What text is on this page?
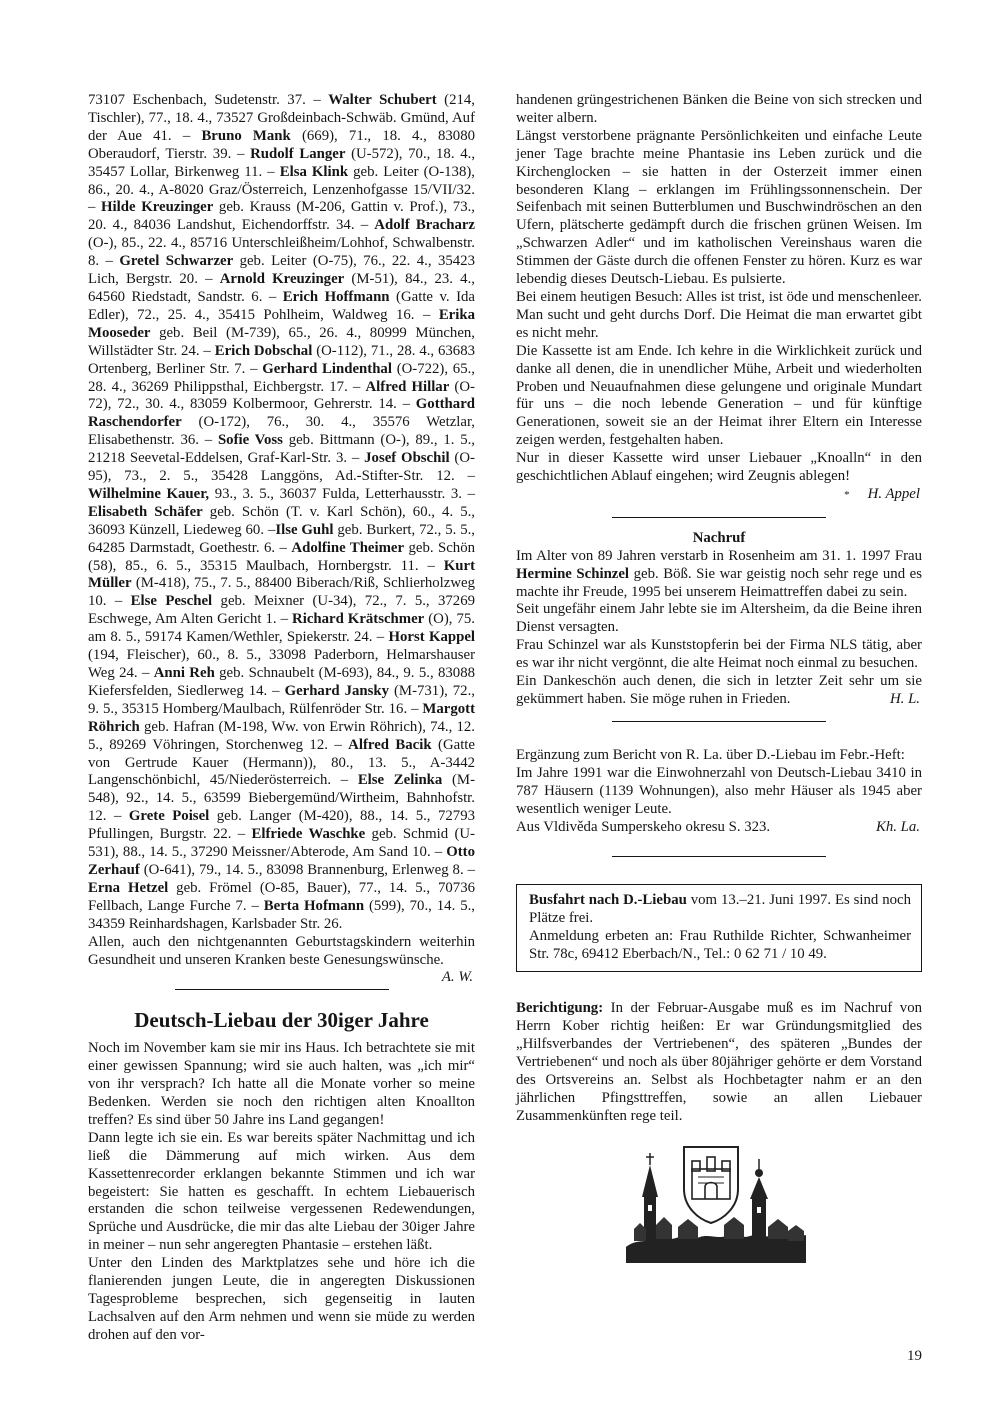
73107 Eschenbach, Sudetenstr. 37. – Walter Schubert (214, Tischler), 77., 18. 4., 73527 Großdeinbach-Schwäb. Gmünd, Auf der Aue 41. – Bruno Mank (669), 71., 18. 4., 83080 Oberaudorf, Tierstr. 39. – Rudolf Langer (U-572), 70., 18. 4., 35457 Lollar, Birkenweg 11. – Elsa Klink geb. Leiter (O-138), 86., 20. 4., A-8020 Graz/Österreich, Lenzenhofgasse 15/VII/32. – Hilde Kreuzinger geb. Krauss (M-206, Gattin v. Prof.), 73., 20. 4., 84036 Landshut, Eichendorffstr. 34. – Adolf Bracharz (O-), 85., 22. 4., 85716 Unterschleißheim/Lohhof, Schwalbenstr. 8. – Gretel Schwarzer geb. Leiter (O-75), 76., 22. 4., 35423 Lich, Bergstr. 20. – Arnold Kreuzinger (M-51), 84., 23. 4., 64560 Riedstadt, Sandstr. 6. – Erich Hoffmann (Gatte v. Ida Edler), 72., 25. 4., 35415 Pohlheim, Waldweg 16. – Erika Mooseder geb. Beil (M-739), 65., 26. 4., 80999 München, Willstädter Str. 24. – Erich Dobschal (O-112), 71., 28. 4., 63683 Ortenberg, Berliner Str. 7. – Gerhard Lindenthal (O-722), 65., 28. 4., 36269 Philippsthal, Eichbergstr. 17. – Alfred Hillar (O-72), 72., 30. 4., 83059 Kolbermoor, Gehrerstr. 14. – Gotthard Raschendorfer (O-172), 76., 30. 4., 35576 Wetzlar, Elisabethenstr. 36. – Sofie Voss geb. Bittmann (O-), 89., 1. 5., 21218 Seevetal-Eddelsen, Graf-Karl-Str. 3. – Josef Obschil (O-95), 73., 2. 5., 35428 Langgöns, Ad.-Stifter-Str. 12. – Wilhelmine Kauer, 93., 3. 5., 36037 Fulda, Letterhausstr. 3. – Elisabeth Schäfer geb. Schön (T. v. Karl Schön), 60., 4. 5., 36093 Künzell, Liedeweg 60. –Ilse Guhl geb. Burkert, 72., 5. 5., 64285 Darmstadt, Goethestr. 6. – Adolfine Theimer geb. Schön (58), 85., 6. 5., 35315 Maulbach, Hornbergstr. 11. – Kurt Müller (M-418), 75., 7. 5., 88400 Biberach/Riß, Schlierholzweg 10. – Else Peschel geb. Meixner (U-34), 72., 7. 5., 37269 Eschwege, Am Alten Gericht 1. – Richard Krätschmer (O), 75. am 8. 5., 59174 Kamen/Wethler, Spiekerstr. 24. – Horst Kappel (194, Fleischer), 60., 8. 5., 33098 Paderborn, Helmarshauser Weg 24. – Anni Reh geb. Schnaubelt (M-693), 84., 9. 5., 83088 Kiefersfelden, Siedlerweg 14. – Gerhard Jansky (M-731), 72., 9. 5., 35315 Homberg/Maulbach, Rülfenröder Str. 16. – Margott Röhrich geb. Hafran (M-198, Ww. von Erwin Röhrich), 74., 12. 5., 89269 Vöhringen, Storchenweg 12. – Alfred Bacik (Gatte von Gertrude Kauer (Hermann)), 80., 13. 5., A-3442 Langenschönbichl, 45/Niederösterreich. – Else Zelinka (M-548), 92., 14. 5., 63599 Biebergemünd/Wirtheim, Bahnhofstr. 12. – Grete Poisel geb. Langer (M-420), 88., 14. 5., 72793 Pfullingen, Burgstr. 22. – Elfriede Waschke geb. Schmid (U-531), 88., 14. 5., 37290 Meissner/Abterode, Am Sand 10. – Otto Zerhauf (O-641), 79., 14. 5., 83098 Brannenburg, Erlenweg 8. – Erna Hetzel geb. Frömel (O-85, Bauer), 77., 14. 5., 70736 Fellbach, Lange Furche 7. – Berta Hofmann (599), 70., 14. 5., 34359 Reinhardshagen, Karlsbader Str. 26.

Allen, auch den nichtgenannten Geburtstagskindern weiterhin Gesundheit und unseren Kranken beste Genesungswünsche.

A. W.

Deutsch-Liebau der 30iger Jahre

Noch im November kam sie mir ins Haus. Ich betrachtete sie mit einer gewissen Spannung; wird sie auch halten, was „ich mir“ von ihr versprach? Ich hatte all die Monate vorher so meine Bedenken. Werden sie noch den richtigen alten Knoallton treffen? Es sind über 50 Jahre ins Land gegangen!

Dann legte ich sie ein. Es war bereits später Nachmittag und ich ließ die Dämmerung auf mich wirken. Aus dem Kassettenrecorder erklangen bekannte Stimmen und ich war begeistert: Sie hatten es geschafft. In echtem Liebauerisch erstanden die schon teilweise vergessenen Redewendungen, Sprüche und Ausdrücke, die mir das alte Liebau der 30iger Jahre in meiner – nun sehr angeregten Phantasie – erstehen läßt.

Unter den Linden des Marktplatzes sehe und höre ich die flanierenden jungen Leute, die in angeregten Diskussionen Tagesprobleme besprechen, sich gegenseitig in lauten Lachsalven auf den Arm nehmen und wenn sie müde zu werden drohen auf den vor-

handenen grüngestrichenen Bänken die Beine von sich strecken und weiter albern.

Längst verstorbene prägnante Persönlichkeiten und einfache Leute jener Tage brachte meine Phantasie ins Leben zurück und die Kirchenglocken – sie hatten in der Osterzeit immer einen besonderen Klang – erklangen im Frühlingssonnenschein. Der Seifenbach mit seinen Butterblumen und Buschwindröschen an den Ufern, plätscherte gedämpft durch die frischen grünen Weisen. Im „Schwarzen Adler“ und im katholischen Vereinshaus waren die Stimmen der Gäste durch die offenen Fenster zu hören. Kurz es war lebendig dieses Deutsch-Liebau. Es pulsierte.

Bei einem heutigen Besuch: Alles ist trist, ist öde und menschenleer. Man sucht und geht durchs Dorf. Die Heimat die man erwartet gibt es nicht mehr.

Die Kassette ist am Ende. Ich kehre in die Wirklichkeit zurück und danke all denen, die in unendlicher Mühe, Arbeit und wiederholten Proben und Neuaufnahmen diese gelungene und originale Mundart für uns – die noch lebende Generation – und für künftige Generationen, soweit sie an der Heimat ihrer Eltern ein Interesse zeigen werden, festgehalten haben.

Nur in dieser Kassette wird unser Liebauer „Knoalln“ in den geschichtlichen Ablauf eingehen; wird Zeugnis ablegen!

* H. Appel

Nachruf

Im Alter von 89 Jahren verstarb in Rosenheim am 31. 1. 1997 Frau Hermine Schinzel geb. Böß. Sie war geistig noch sehr rege und es machte ihr Freude, 1995 bei unserem Heimattreffen dabei zu sein.

Seit ungefähr einem Jahr lebte sie im Altersheim, da die Beine ihren Dienst versagten.

Frau Schinzel war als Kunststopferin bei der Firma NLS tätig, aber es war ihr nicht vergönnt, die alte Heimat noch einmal zu besuchen.

Ein Dankeschön auch denen, die sich in letzter Zeit sehr um sie gekümmert haben. Sie möge ruhen in Frieden.	H. L.

Ergänzung zum Bericht von R. La. über D.-Liebau im Febr.-Heft:

Im Jahre 1991 war die Einwohnerzahl von Deutsch-Liebau 3410 in 787 Häusern (1139 Wohnungen), also mehr Häuser als 1945 aber wesentlich weniger Leute.

Aus Vldivěda Sumperskeho okresu S. 323.	Kh. La.

Busfahrt nach D.-Liebau vom 13.–21. Juni 1997. Es sind noch Plätze frei.

Anmeldung erbeten an: Frau Ruthilde Richter, Schwanheimer Str. 78c, 69412 Eberbach/N., Tel.: 0 62 71 / 10 49.

Berichtigung: In der Februar-Ausgabe muß es im Nachruf von Herrn Kober richtig heißen: Er war Gründungsmitglied des „Hilfsverbandes der Vertriebenen“, des späteren „Bundes der Vertriebenen“ und noch als über 80jähriger gehörte er dem Vorstand des Ortsvereins an. Selbst als Hochbetagter nahm er an den jährlichen Pfingsttreffen, sowie an allen Liebauer Zusammenkünften rege teil.

19
